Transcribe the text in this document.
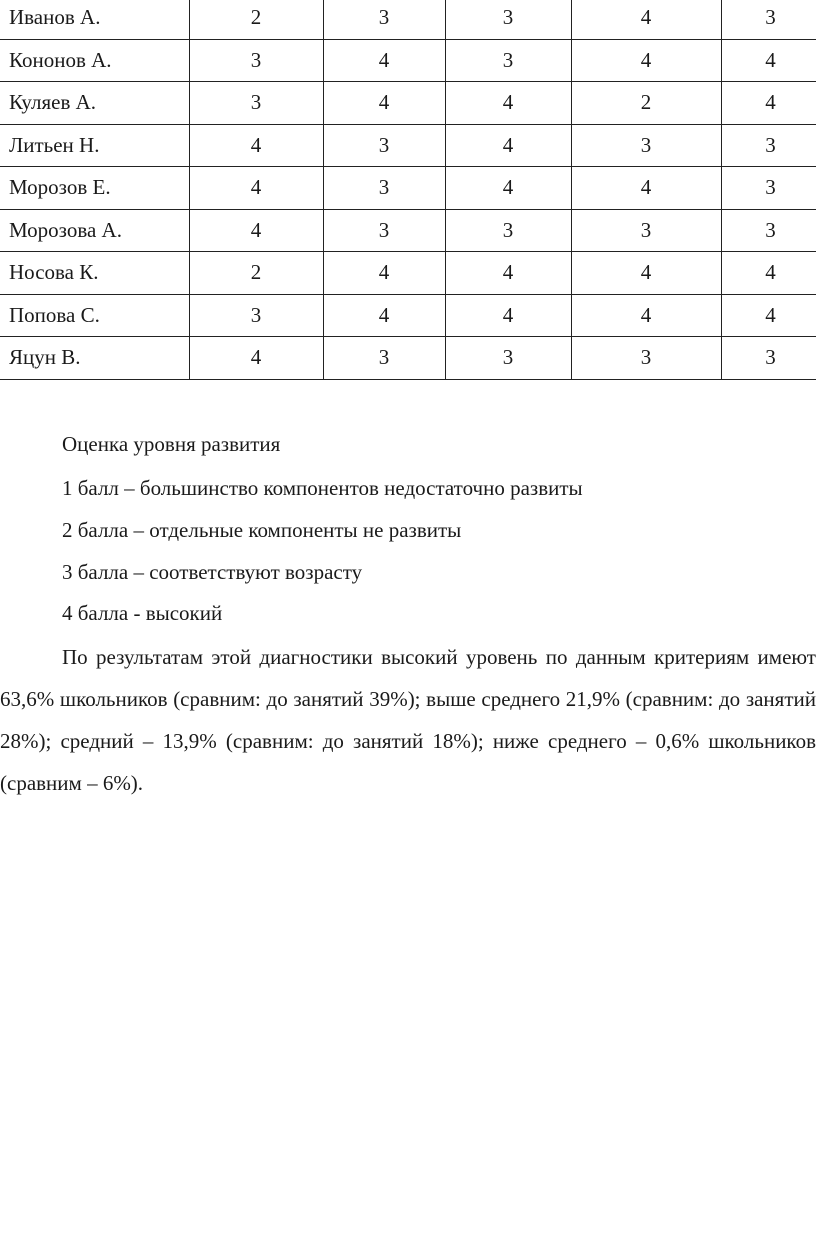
Иванов А.	2	3	3	4	3
Кононов А.	3	4	3	4	4
Куляев А.	3	4	4	2	4
Литьен Н.	4	3	4	3	3
Морозов Е.	4	3	4	4	3
Морозова А.	4	3	3	3	3
Носова К.	2	4	4	4	4
Попова С.	3	4	4	4	4
Яцун В.	4	3	3	3	3
Оценка уровня развития
1 балл – большинство компонентов недостаточно развиты
2 балла – отдельные компоненты не развиты
3 балла – соответствуют возрасту
4 балла - высокий
По результатам этой диагностики высокий уровень по данным критериям имеют 63,6% школьников (сравним: до занятий 39%); выше среднего 21,9% (сравним: до занятий 28%); средний – 13,9% (сравним: до занятий 18%); ниже среднего – 0,6% школьников (сравним – 6%).
